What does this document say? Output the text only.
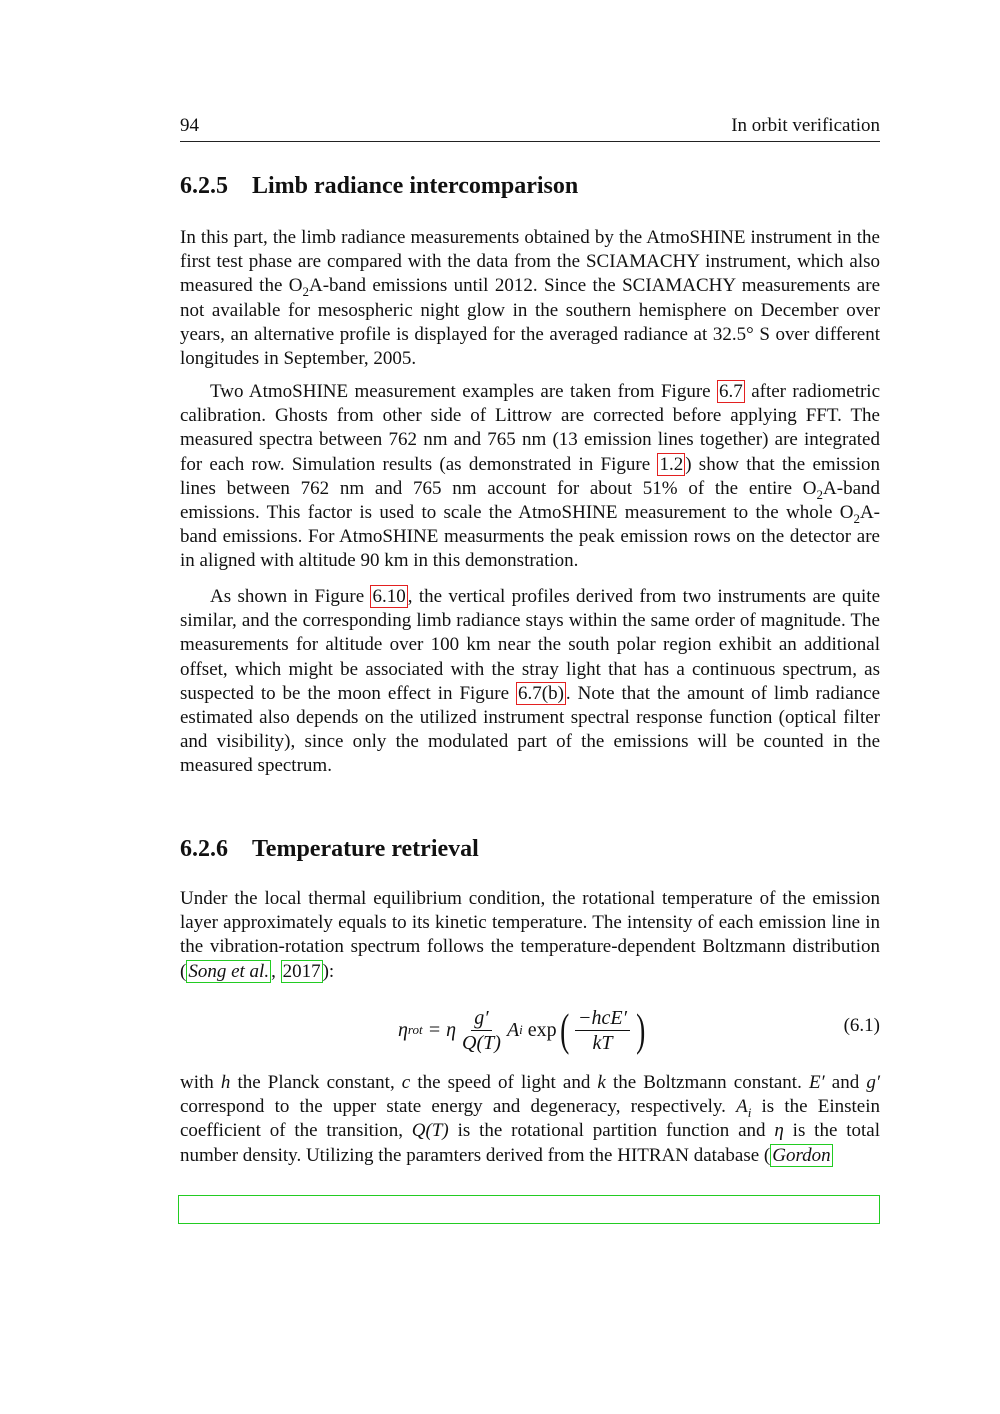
94	In orbit verification
6.2.5 Limb radiance intercomparison

In this part, the limb radiance measurements obtained by the AtmoSHINE instrument in the first test phase are compared with the data from the SCIAMACHY instrument, which also measured the $O_2A$-band emissions until 2012. Since the SCIAMACHY measurements are not available for mesospheric night glow in the southern hemisphere on December over years, an alternative profile is displayed for the averaged radiance at 32.5° S over different longitudes in September, 2005.

Two AtmoSHINE measurement examples are taken from Figure 6.7 after radiometric calibration. Ghosts from other side of Littrow are corrected before applying FFT. The measured spectra between 762 nm and 765 nm (13 emission lines together) are integrated for each row. Simulation results (as demonstrated in Figure 1.2 ) show that the emission lines between 762 nm and 765 nm account for about 51% of the entire $O_2A$-band emissions. This factor is used to scale the AtmoSHINE measurement to the whole $O_2A$-band emissions. For AtmoSHINE measurments the peak emission rows on the detector are in aligned with altitude 90 km in this demonstration.

As shown in Figure 6.10 , the vertical profiles derived from two instruments are quite similar, and the corresponding limb radiance stays within the same order of magnitude. The measurements for altitude over 100 km near the south polar region exhibit an additional offset, which might be associated with the stray light that has a continuous spectrum, as suspected to be the moon effect in Figure 6.7(b) . Note that the amount of limb radiance estimated also depends on the utilized instrument spectral response function (optical filter and visibility), since only the modulated part of the emissions will be counted in the measured spectrum.

6.2.6 Temperature retrieval

Under the local thermal equilibrium condition, the rotational temperature of the emission layer approximately equals to its kinetic temperature. The intensity of each emission line in the vibration-rotation spectrum follows the temperature-dependent Boltzmann distribution ( Song et al. , 2017 ):

η rot = η $\frac{g'}{Q(T)}$ A i exp ( $\frac{\text{−hcE′}}{kT}$ )	(6.1)

with h the Planck constant, c the speed of light and k the Boltzmann constant. E′ and g′ correspond to the upper state energy and degeneracy, respectively. $A_i$ is the Einstein coefficient of the transition, Q(T) is the rotational partition function and η is the total number density. Utilizing the paramters derived from the HITRAN database ( Gordon
